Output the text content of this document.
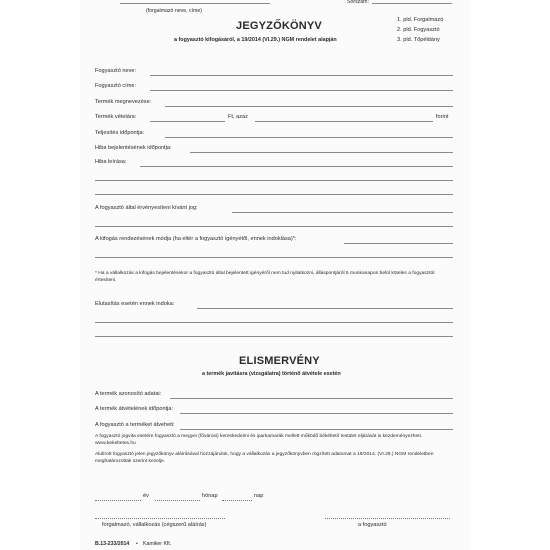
(forgalmazó neve, címe)
Sorszám:
JEGYZŐKÖNYV
a fogyasztó kifogásáról, a 19/2014 (VI.29.) NGM rendelet alapján
1. pld. Forgalmazó
2. pld. Fogyasztó
3. pld. Tőpéldány
Fogyasztó neve:
Fogyasztó címe:
Termék megnevezése:
Termék vételára:	Ft, azaz	forint
Teljesítés időpontja:
Hiba bejelentésének időpontja:
Hiba leírása:
A fogyasztó által érvényesíteni kívánt jog:
A kifogás rendezésének módja (ha eltér a fogyasztó igényétől, ennek indoklása)*:
* Ha a vállalkozás a kifogás bejelentésekor a fogyasztó által bejelentett igényéről nem tud nyilatkozni, álláspontjáról 5 munkanapon belül köteles a fogyasztót értesíteni.
Elutasítás esetén ennek indoka:
ELISMERVÉNY
a termék javításra (vizsgálatra) történő átvétele esetén
A termék azonosító adatai:
A termék átvételének időpontja:
A fogyasztó a terméket átveheti:
A fogyasztó jogvita esetére fogyasztó a megyei (fővárosi) kereskedelmi és iparkamarák mellett működő békéltető testület eljárását is kezdeményezheti. www.bekeltetes.hu
Alulírott fogyasztó jelen jegyzőkönyv aláírásával hozzájárulok, hogy a vállalkozás a jegyzőkönyvben rögzített adatomat a 19/2014. (VI.29.) NGM rendeletben meghatározottak szerint kezelje.
év	hónap	nap
forgalmazó, vállalkozás (cégszerű aláírás)	a fogyasztó
B.13-233/2014 • Kamiker Kft.
